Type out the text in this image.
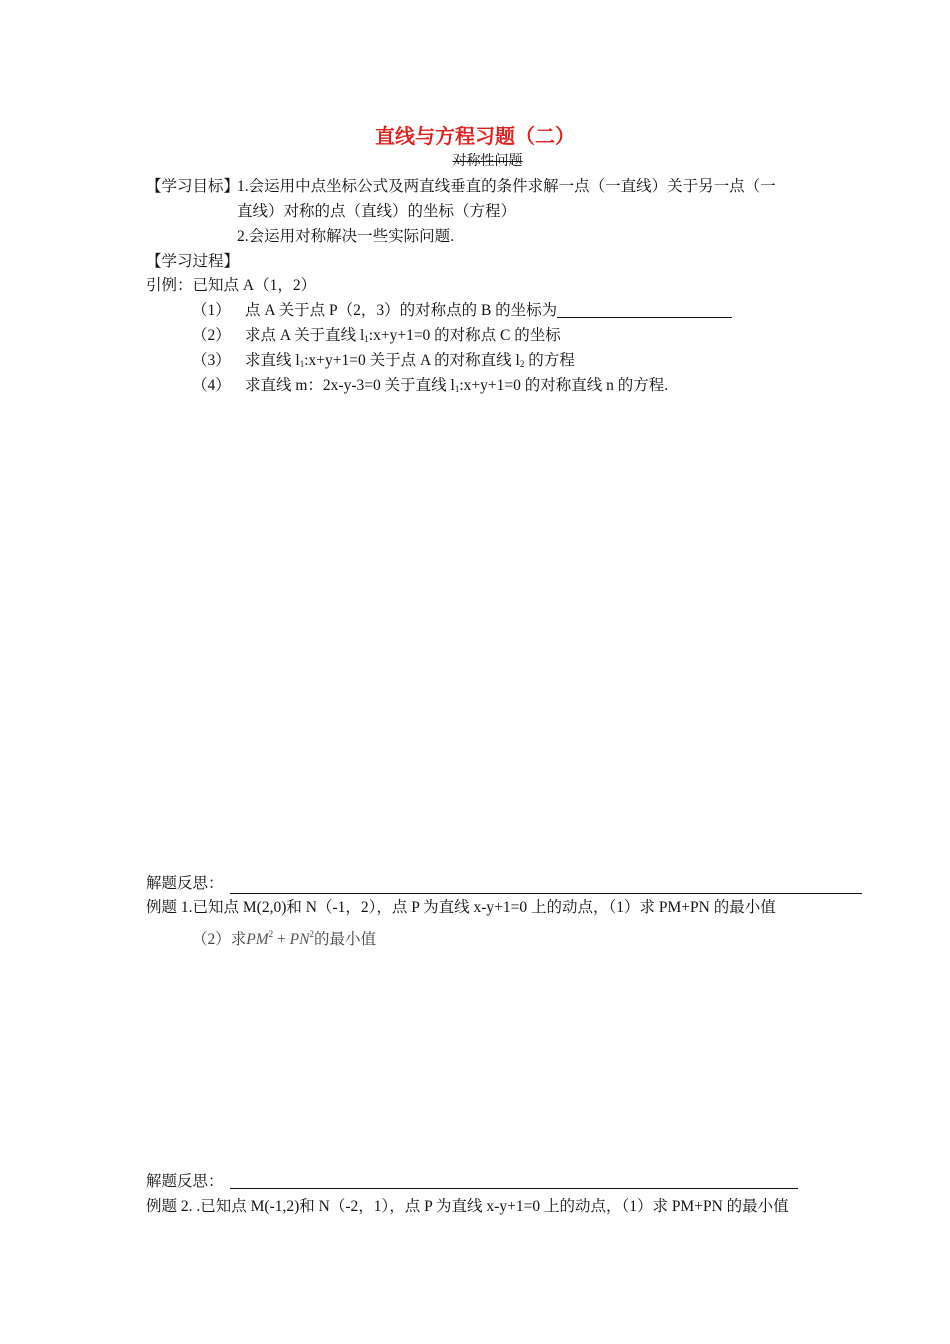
直线与方程习题（二）
对称性问题
【学习目标】
1.会运用中点坐标公式及两直线垂直的条件求解一点（一直线）关于另一点（一
直线）对称的点（直线）的坐标（方程）
2.会运用对称解决一些实际问题.
【学习过程】
引例：已知点 A（1，2）
（1） 点 A 关于点 P（2，3）的对称点的 B 的坐标为
（2） 求点 A 关于直线 $l_1:x+y+1=0$ 的对称点 C 的坐标
（3） 求直线 $l_1:x+y+1=0$ 关于点 A 的对称直线 $l_2$ 的方程
（4） 求直线 m：2x-y-3=0 关于直线 $l_1:x+y+1=0$ 的对称直线 n 的方程.
解题反思：
例题 1.已知点 M(2,0)和 N（-1，2），点 P 为直线 x-y+1=0 上的动点，（1）求 PM+PN 的最小值
（2）求$PM^2 + PN^2$的最小值
解题反思：
例题 2. .已知点 M(-1,2)和 N（-2，1），点 P 为直线 x-y+1=0 上的动点，（1）求 PM+PN 的最小值
